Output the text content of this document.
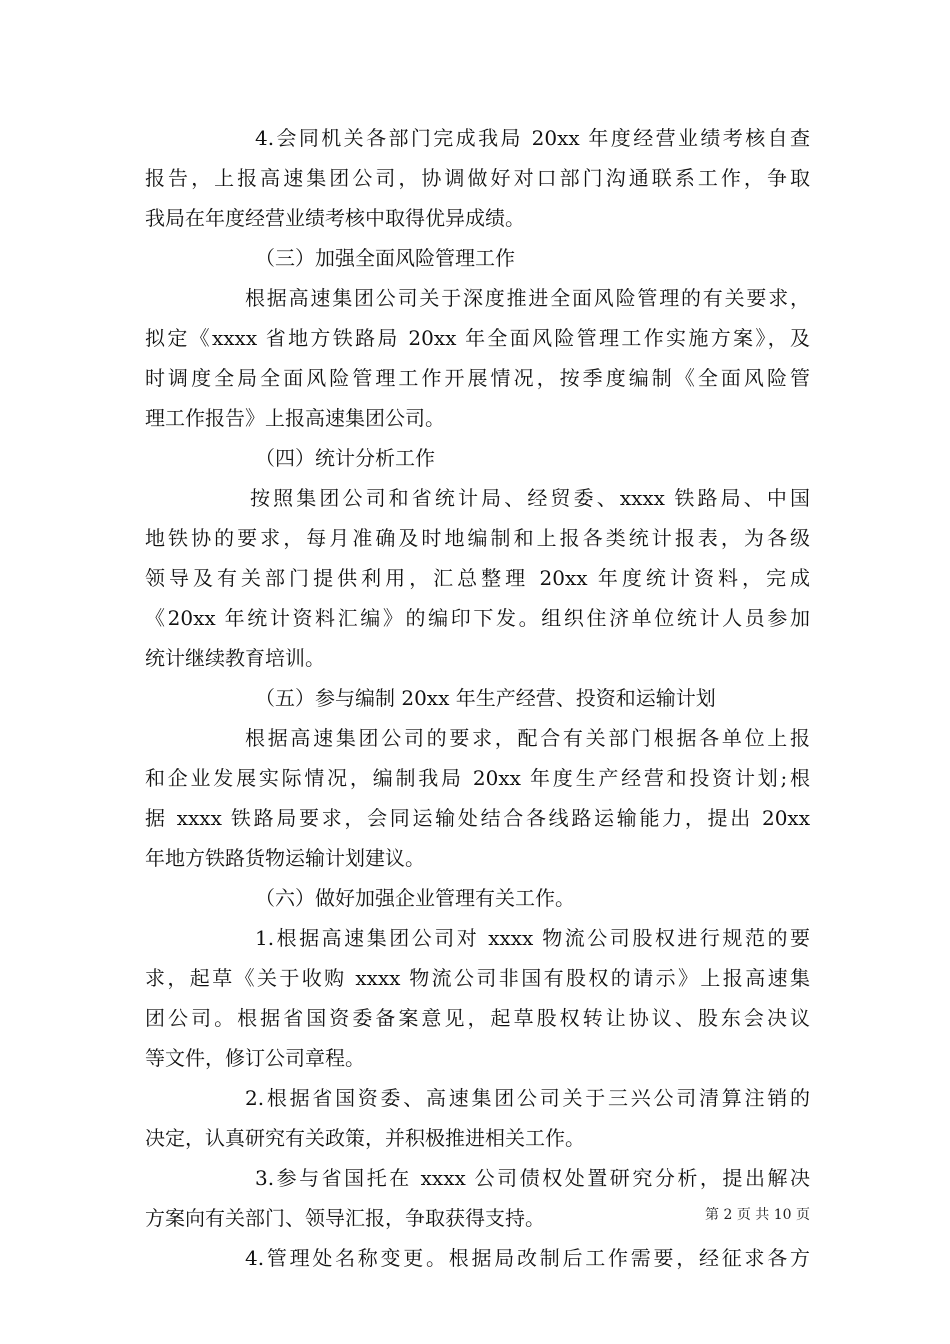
4.会同机关各部门完成我局 20xx 年度经营业绩考核自查
报告，上报高速集团公司，协调做好对口部门沟通联系工作，争取
我局在年度经营业绩考核中取得优异成绩。
（三）加强全面风险管理工作
根据高速集团公司关于深度推进全面风险管理的有关要求，
拟定《xxxx 省地方铁路局 20xx 年全面风险管理工作实施方案》，及
时调度全局全面风险管理工作开展情况，按季度编制《全面风险管
理工作报告》上报高速集团公司。
（四）统计分析工作
按照集团公司和省统计局、经贸委、xxxx 铁路局、中国
地铁协的要求，每月准确及时地编制和上报各类统计报表，为各级
领导及有关部门提供利用，汇总整理 20xx 年度统计资料，完成
《20xx 年统计资料汇编》的编印下发。组织住济单位统计人员参加
统计继续教育培训。
（五）参与编制 20xx 年生产经营、投资和运输计划
根据高速集团公司的要求，配合有关部门根据各单位上报
和企业发展实际情况，编制我局 20xx 年度生产经营和投资计划;根
据 xxxx 铁路局要求，会同运输处结合各线路运输能力，提出 20xx
年地方铁路货物运输计划建议。
（六）做好加强企业管理有关工作。
1.根据高速集团公司对 xxxx 物流公司股权进行规范的要
求，起草《关于收购 xxxx 物流公司非国有股权的请示》上报高速集
团公司。根据省国资委备案意见，起草股权转让协议、股东会决议
等文件，修订公司章程。
2.根据省国资委、高速集团公司关于三兴公司清算注销的
决定，认真研究有关政策，并积极推进相关工作。
3.参与省国托在 xxxx 公司债权处置研究分析，提出解决
方案向有关部门、领导汇报，争取获得支持。
4.管理处名称变更。根据局改制后工作需要，经征求各方
第 2 页 共 10 页
